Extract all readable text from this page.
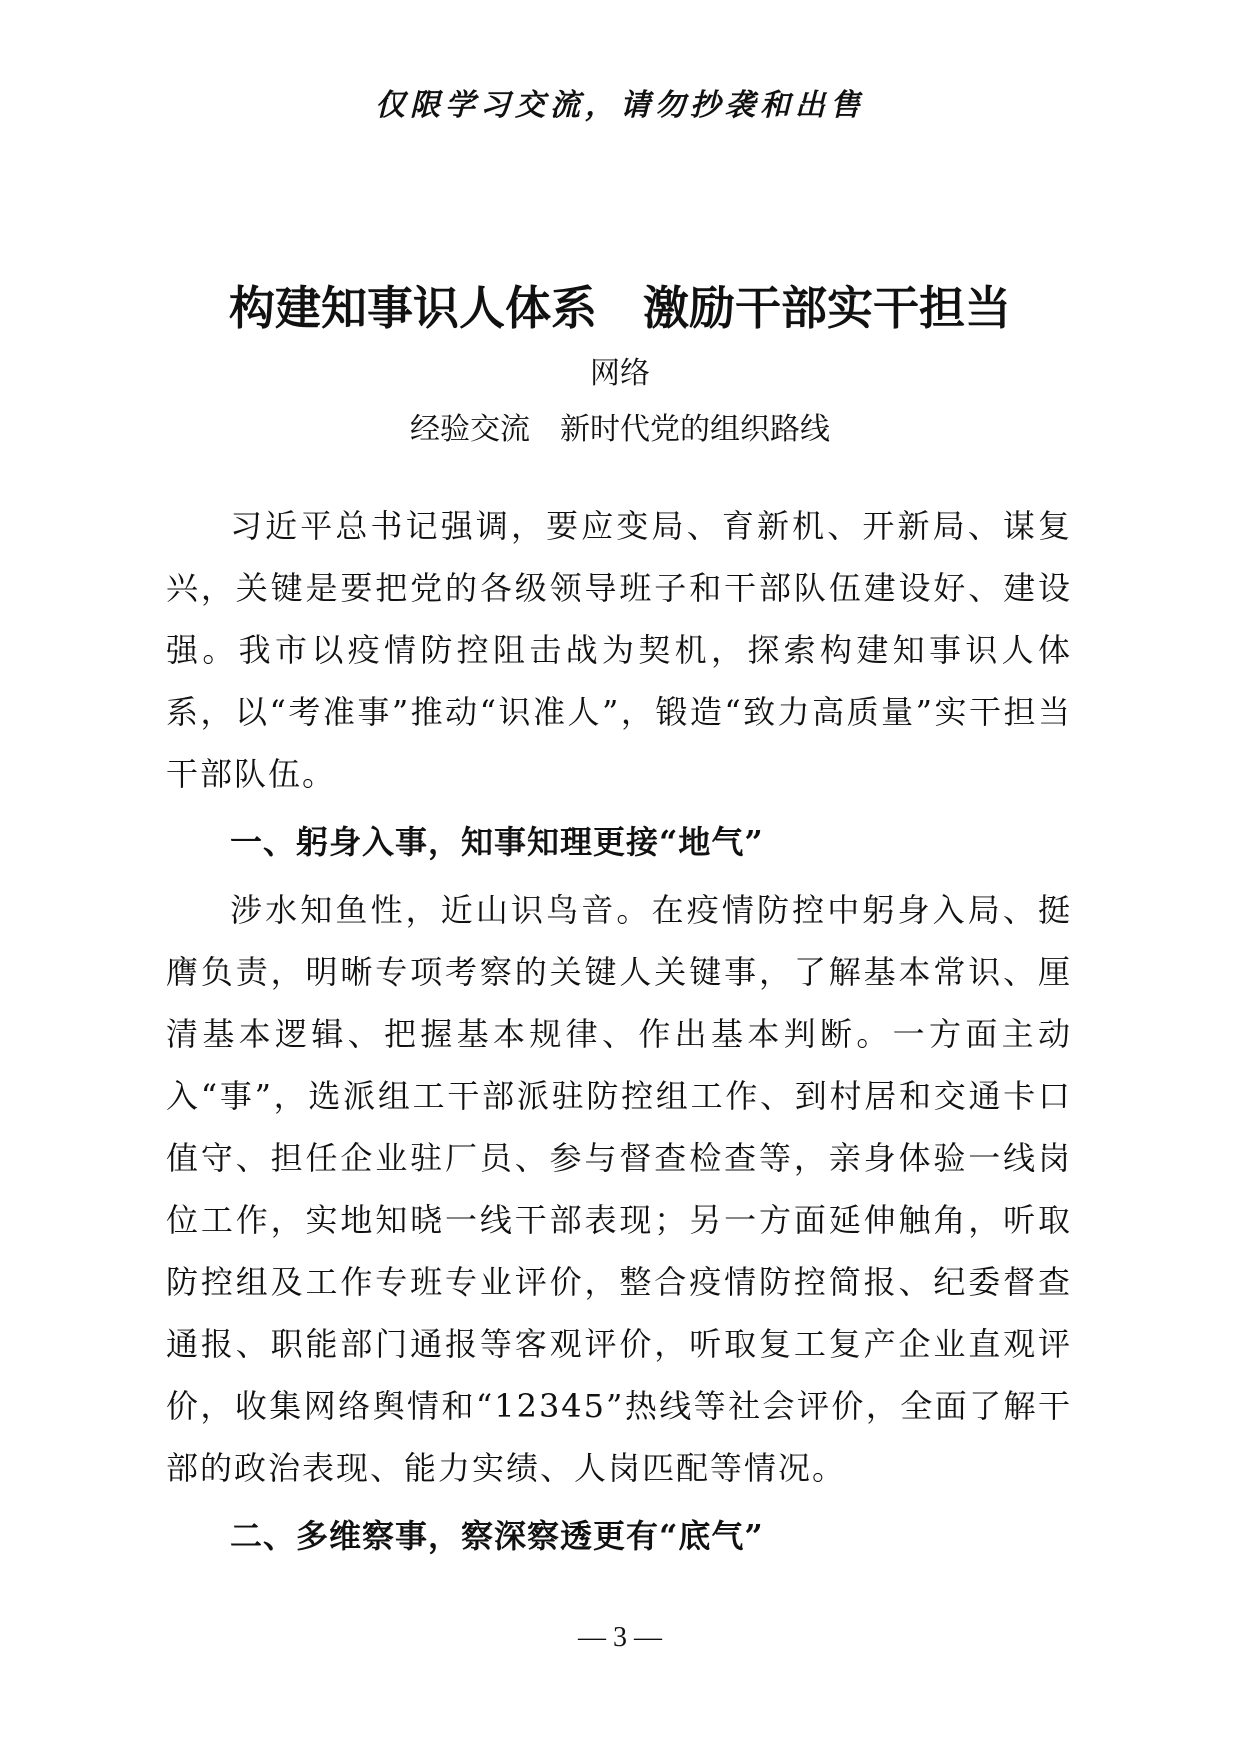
仅限学习交流，请勿抄袭和出售
构建知事识人体系　激励干部实干担当
网络
经验交流　新时代党的组织路线

习近平总书记强调，要应变局、育新机、开新局、谋复兴，关键是要把党的各级领导班子和干部队伍建设好、建设强。我市以疫情防控阻击战为契机，探索构建知事识人体系，以“考准事”推动“识准人”，锻造“致力高质量”实干担当干部队伍。

一、躬身入事，知事知理更接“地气”

涉水知鱼性，近山识鸟音。在疫情防控中躬身入局、挺膺负责，明晰专项考察的关键人关键事，了解基本常识、厘清基本逻辑、把握基本规律、作出基本判断。一方面主动入“事”，选派组工干部派驻防控组工作、到村居和交通卡口值守、担任企业驻厂员、参与督查检查等，亲身体验一线岗位工作，实地知晓一线干部表现；另一方面延伸触角，听取防控组及工作专班专业评价，整合疫情防控简报、纪委督查通报、职能部门通报等客观评价，听取复工复产企业直观评价，收集网络舆情和“12345”热线等社会评价，全面了解干部的政治表现、能力实绩、人岗匹配等情况。

二、多维察事，察深察透更有“底气”

— 3 —
